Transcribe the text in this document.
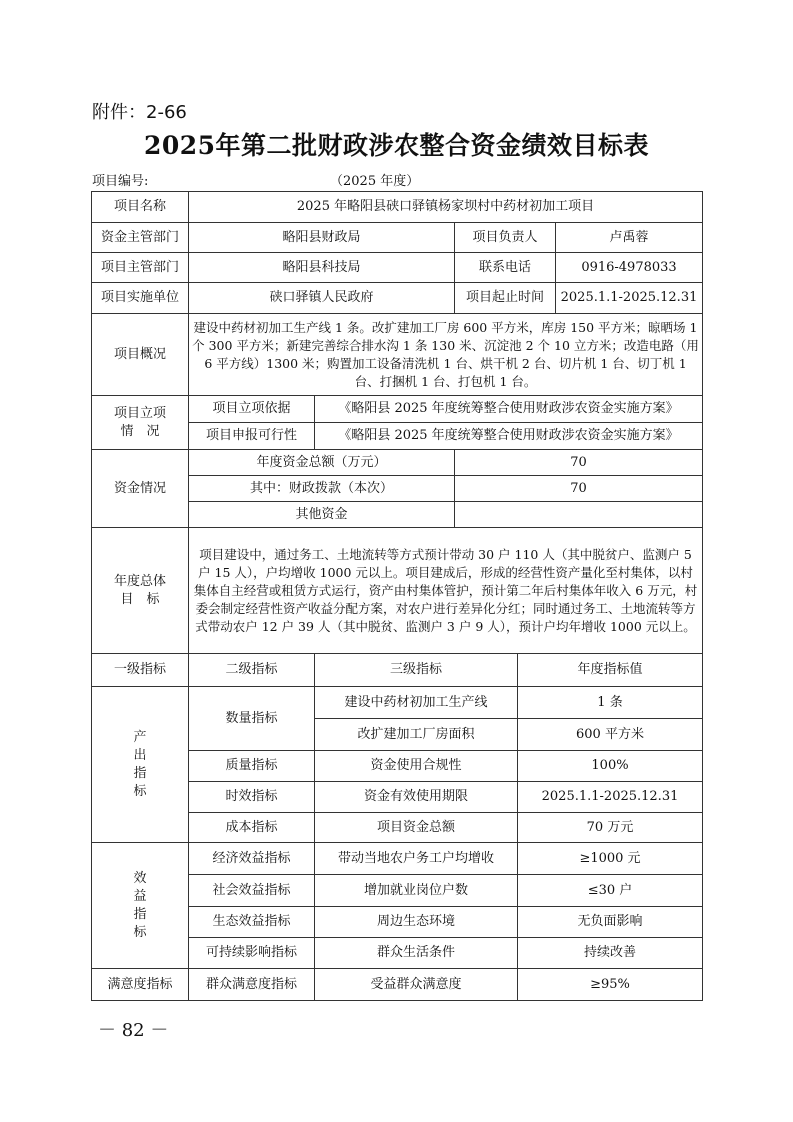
附件：2-66
2025年第二批财政涉农整合资金绩效目标表
项目编号:	（2025 年度）
项目名称	2025 年略阳县硖口驿镇杨家坝村中药材初加工项目				
资金主管部门	略阳县财政局		项目负责人		卢禹蓉
项目主管部门	略阳县科技局		联系电话		0916-4978033
项目实施单位	硖口驿镇人民政府		项目起止时间		2025.1.1-2025.12.31
项目概况	建设中药材初加工生产线 1 条。改扩建加工厂房 600 平方米，库房 150 平方米；晾晒场 1 个 300 平方米；新建完善综合排水沟 1 条 130 米、沉淀池 2 个 10 立方米；改造电路（用 6 平方线）1300 米；购置加工设备清洗机 1 台、烘干机 2 台、切片机 1 台、切丁机 1 台、打捆机 1 台、打包机 1 台。				

项目立项
情　况	项目立项依据	《略阳县 2025 年度统筹整合使用财政涉农资金实施方案》			
	项目申报可行性	《略阳县 2025 年度统筹整合使用财政涉农资金实施方案》			
资金情况	年度资金总额（万元）		70		
	其中：财政拨款（本次）		70		
	其他资金				

年度总体
目　标	项目建设中，通过务工、土地流转等方式预计带动 30 户 110 人（其中脱贫户、监测户 5 户 15 人），户均增收 1000 元以上。项目建成后，形成的经营性资产量化至村集体，以村集体自主经营或租赁方式运行，资产由村集体管护，预计第二年后村集体年收入 6 万元，村委会制定经营性资产收益分配方案，对农户进行差异化分红；同时通过务工、土地流转等方式带动农户 12 户 39 人（其中脱贫、监测户 3 户 9 人），预计户均年增收 1000 元以上。				
一级指标	二级指标	三级指标		年度指标值	

产
出
指
标	数量指标	建设中药材初加工生产线		1 条	
		改扩建加工厂房面积		600 平方米	
	质量指标	资金使用合规性		100%	
	时效指标	资金有效使用期限		2025.1.1-2025.12.31	
	成本指标	项目资金总额		70 万元	

效
益
指
标	经济效益指标	带动当地农户务工户均增收		≥1000 元	
	社会效益指标	增加就业岗位户数		≤30 户	
	生态效益指标	周边生态环境		无负面影响	
	可持续影响指标	群众生活条件		持续改善	
满意度指标	群众满意度指标	受益群众满意度		≥95%	
－ 82 －
